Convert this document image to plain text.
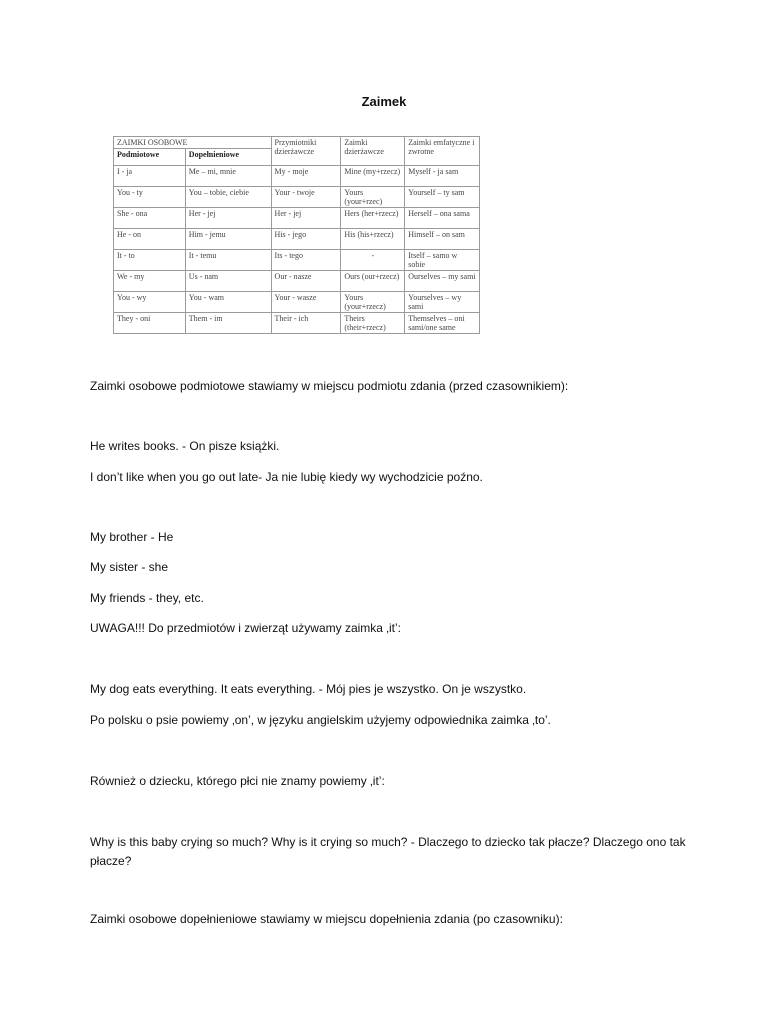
Zaimek
ZAIMKI OSOBOWE		Przymiotniki dzierżawcze	Zaimki dzierżawcze	Zaimki emfatyczne i zwrotne
Podmiotowe	Dopełnieniowe			
I - ja	Me – mi, mnie	My - moje	Mine (my+rzecz)	Myself - ja sam
You - ty	You – tobie, ciebie	Your - twoje	Yours (your+rzec)	Yourself – ty sam
She - ona	Her - jej	Her - jej	Hers (her+rzecz)	Herself – ona sama
He - on	Him - jemu	His - jego	His (his+rzecz)	Himself – on sam
It - to	It - temu	Its - tego	-	Itself – samo w sobie
We - my	Us - nam	Our - nasze	Ours (our+rzecz)	Ourselves – my sami
You - wy	You - wam	Your - wasze	Yours (your+rzecz)	Yourselves – wy sami
They - oni	Them - im	Their - ich	Theirs (their+rzecz)	Themselves – oni sami/one same
Zaimki osobowe podmiotowe stawiamy w miejscu podmiotu zdania (przed czasownikiem):
He writes books. - On pisze książki.
I don’t like when you go out late- Ja nie lubię kiedy wy wychodzicie poźno.
My brother - He
My sister - she
My friends - they, etc.
UWAGA!!! Do przedmiotów i zwierząt używamy zaimka ‚it’:
My dog eats everything. It eats everything. - Mój pies je wszystko. On je wszystko.
Po polsku o psie powiemy ‚on’, w języku angielskim użyjemy odpowiednika zaimka ‚to’.
Również o dziecku, którego płci nie znamy powiemy ‚it’:
Why is this baby crying so much? Why is it crying so much? - Dlaczego to dziecko tak płacze? Dlaczego ono tak płacze?
Zaimki osobowe dopełnieniowe stawiamy w miejscu dopełnienia zdania (po czasowniku):
